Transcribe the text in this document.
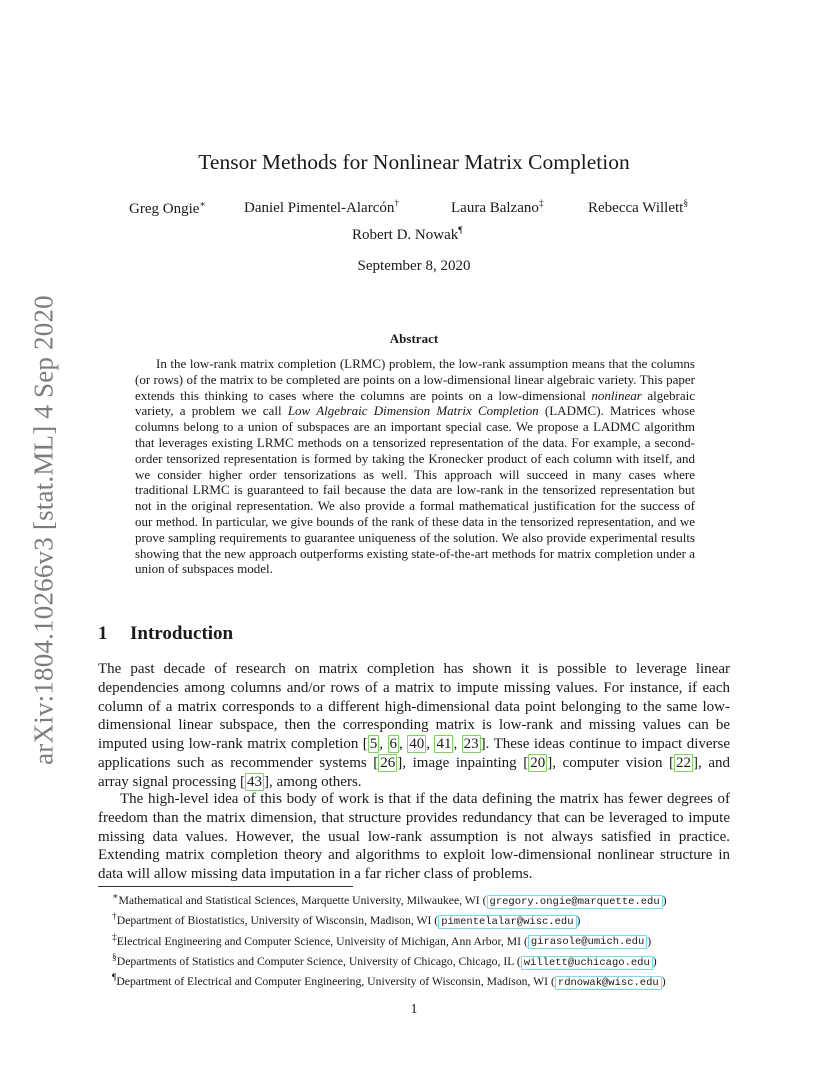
arXiv:1804.10266v3 [stat.ML] 4 Sep 2020
Tensor Methods for Nonlinear Matrix Completion
Greg Ongie∗	Daniel Pimentel-Alarcón†	Laura Balzano‡	Rebecca Willett§
Robert D. Nowak¶
September 8, 2020
Abstract
In the low-rank matrix completion (LRMC) problem, the low-rank assumption means that the columns (or rows) of the matrix to be completed are points on a low-dimensional linear algebraic variety. This paper extends this thinking to cases where the columns are points on a low-dimensional nonlinear algebraic variety, a problem we call Low Algebraic Dimension Matrix Completion (LADMC). Matrices whose columns belong to a union of subspaces are an important special case. We propose a LADMC algorithm that leverages existing LRMC methods on a tensorized representation of the data. For example, a second-order tensorized representation is formed by taking the Kronecker product of each column with itself, and we consider higher order tensorizations as well. This approach will succeed in many cases where traditional LRMC is guaranteed to fail because the data are low-rank in the tensorized representation but not in the original representation. We also provide a formal mathematical justification for the success of our method. In particular, we give bounds of the rank of these data in the tensorized representation, and we prove sampling requirements to guarantee uniqueness of the solution. We also provide experimental results showing that the new approach outperforms existing state-of-the-art methods for matrix completion under a union of subspaces model.
1 Introduction
The past decade of research on matrix completion has shown it is possible to leverage linear dependencies among columns and/or rows of a matrix to impute missing values. For instance, if each column of a matrix corresponds to a different high-dimensional data point belonging to the same low-dimensional linear subspace, then the corresponding matrix is low-rank and missing values can be imputed using low-rank matrix completion [ 5 , 6 , 40 , 41 , 23 ]. These ideas continue to impact diverse applications such as recommender systems [ 26 ], image inpainting [ 20 ], computer vision [ 22 ], and array signal processing [ 43 ], among others.
The high-level idea of this body of work is that if the data defining the matrix has fewer degrees of freedom than the matrix dimension, that structure provides redundancy that can be leveraged to impute missing data values. However, the usual low-rank assumption is not always satisfied in practice. Extending matrix completion theory and algorithms to exploit low-dimensional nonlinear structure in data will allow missing data imputation in a far richer class of problems.
∗Mathematical and Statistical Sciences, Marquette University, Milwaukee, WI ( gregory.ongie@marquette.edu )
†Department of Biostatistics, University of Wisconsin, Madison, WI ( pimentelalar@wisc.edu )
‡Electrical Engineering and Computer Science, University of Michigan, Ann Arbor, MI ( girasole@umich.edu )
§Departments of Statistics and Computer Science, University of Chicago, Chicago, IL ( willett@uchicago.edu )
¶Department of Electrical and Computer Engineering, University of Wisconsin, Madison, WI ( rdnowak@wisc.edu )
1
